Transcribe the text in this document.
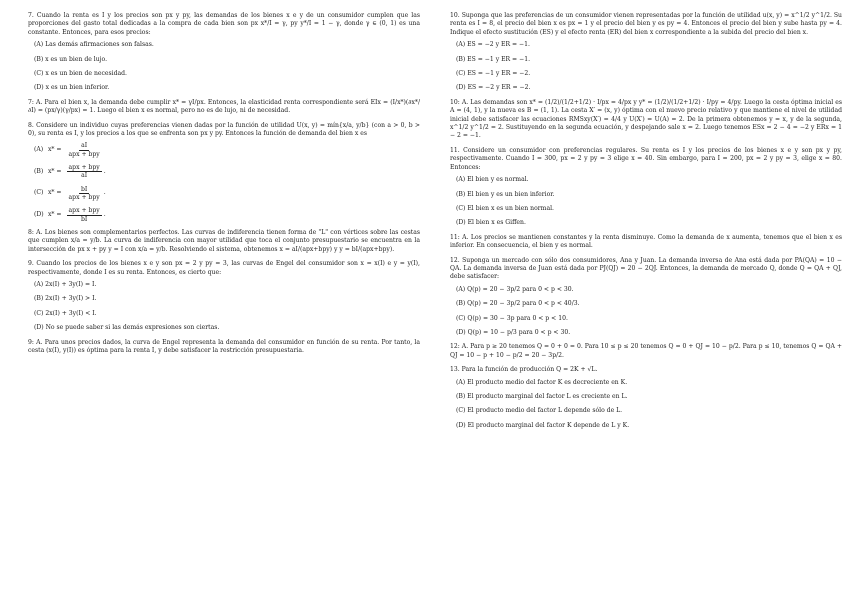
7. Cuando la renta es I y los precios son px y py, las demandas de los bienes x e y de un consumidor cumplen que las proporciones del gasto total dedicadas a la compra de cada bien son px x*/I = γ, py y*/I = 1 − γ, donde γ ∈ (0, 1) es una constante. Entonces, para esos precios:
(A) Las demás afirmaciones son falsas.
(B) x es un bien de lujo.
(C) x es un bien de necesidad.
(D) x es un bien inferior.
7: A. Para el bien x, la demanda debe cumplir x* = γI/px. Entonces, la elasticidad renta correspondiente será EIx = (I/x*)(∂x*/∂I) = (px/γ)(γ/px) = 1. Luego el bien x es normal, pero no es de lujo, ni de necesidad.
8. Considere un individuo cuyas preferencias vienen dadas por la función de utilidad U(x, y) = mín{x/a, y/b} (con a > 0, b > 0), su renta es I, y los precios a los que se enfrenta son px y py. Entonces la función de demanda del bien x es
(A) $x* = \frac{aI}{\text{apx + bpy}}$
(B) $x* = \frac{\text{apx + bpy}}{aI}$ .
(C) $x* = \frac{bI}{\text{apx + bpy}}$ .
(D) $x* = \frac{\text{apx + bpy}}{bI}$ .
8: A. Los bienes son complementarios perfectos. Las curvas de indiferencia tienen forma de "L" con vértices sobre las cestas que cumplen x/a = y/b. La curva de indiferencia con mayor utilidad que toca el conjunto presupuestario se encuentra en la intersección de px x + py y = I con x/a = y/b. Resolviendo el sistema, obtenemos x = aI/(apx+bpy) y y = bI/(apx+bpy).
9. Cuando los precios de los bienes x e y son px = 2 y py = 3, las curvas de Engel del consumidor son x = x(I) e y = y(I), respectivamente, donde I es su renta. Entonces, es cierto que:
(A) 2x(I) + 3y(I) = I.
(B) 2x(I) + 3y(I) > I.
(C) 2x(I) + 3y(I) < I.
(D) No se puede saber si las demás expresiones son ciertas.
9: A. Para unos precios dados, la curva de Engel representa la demanda del consumidor en función de su renta. Por tanto, la cesta (x(I), y(I)) es óptima para la renta I, y debe satisfacer la restricción presupuestaria.
10. Suponga que las preferencias de un consumidor vienen representadas por la función de utilidad u(x, y) = x^1/2 y^1/2. Su renta es I = 8, el precio del bien x es px = 1 y el precio del bien y es py = 4. Entonces el precio del bien y sube hasta py = 4. Indique el efecto sustitución (ES) y el efecto renta (ER) del bien x correspondiente a la subida del precio del bien x.
(A) ES = −2 y ER = −1.
(B) ES = −1 y ER = −1.
(C) ES = −1 y ER = −2.
(D) ES = −2 y ER = −2.
10: A. Las demandas son x* = (1/2)/(1/2+1/2) · I/px = 4/px y y* = (1/2)/(1/2+1/2) · I/py = 4/py. Luego la cesta óptima inicial es A = (4, 1), y la nueva es B = (1, 1). La cesta X′ = (x, y) óptima con el nuevo precio relativo y que mantiene el nivel de utilidad inicial debe satisfacer las ecuaciones RMSxy(X′) = 4/4 y U(X′) = U(A) = 2. De la primera obtenemos y = x, y de la segunda, x^1/2 y^1/2 = 2. Sustituyendo en la segunda ecuación, y despejando sale x = 2. Luego tenemos ESx = 2 − 4 = −2 y ERx = 1 − 2 = −1.
11. Considere un consumidor con preferencias regulares. Su renta es I y los precios de los bienes x e y son px y py, respectivamente. Cuando I = 300, px = 2 y py = 3 elige x = 40. Sin embargo, para I = 200, px = 2 y py = 3, elige x = 80. Entonces:
(A) El bien y es normal.
(B) El bien y es un bien inferior.
(C) El bien x es un bien normal.
(D) El bien x es Giffen.
11: A. Los precios se mantienen constantes y la renta disminuye. Como la demanda de x aumenta, tenemos que el bien x es inferior. En consecuencia, el bien y es normal.
12. Suponga un mercado con sólo dos consumidores, Ana y Juan. La demanda inversa de Ana está dada por PA(QA) = 10 − QA. La demanda inversa de Juan está dada por PJ(QJ) = 20 − 2QJ. Entonces, la demanda de mercado Q, donde Q = QA + QJ, debe satisfacer:
(A) Q(p) = 20 − 3p/2 para 0 < p < 30.
(B) Q(p) = 20 − 3p/2 para 0 < p < 40/3.
(C) Q(p) = 30 − 3p para 0 < p < 10.
(D) Q(p) = 10 − p/3 para 0 < p < 30.
12: A. Para p ≥ 20 tenemos Q = 0 + 0 = 0. Para 10 ≤ p ≤ 20 tenemos Q = 0 + QJ = 10 − p/2. Para p ≤ 10, tenemos Q = QA + QJ = 10 − p + 10 − p/2 = 20 − 3p/2.
13. Para la función de producción Q = 2K + √L.
(A) El producto medio del factor K es decreciente en K.
(B) El producto marginal del factor L es creciente en L.
(C) El producto medio del factor L depende sólo de L.
(D) El producto marginal del factor K depende de L y K.
